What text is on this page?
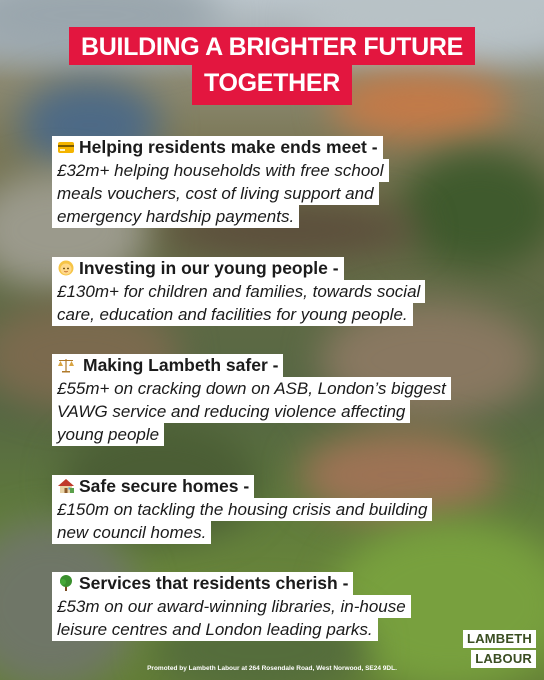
BUILDING A BRIGHTER FUTURE
TOGETHER
Helping residents make ends meet -
£32m+ helping households with free school
meals vouchers, cost of living support and
emergency hardship payments.
Investing in our young people -
£130m+ for children and families, towards social
care, education and facilities for young people.
Making Lambeth safer -
£55m+ on cracking down on ASB, London’s biggest
VAWG service and reducing violence affecting
young people
Safe secure homes -
£150m on tackling the housing crisis and building
new council homes.
Services that residents cherish -
£53m on our award-winning libraries, in-house
leisure centres and London leading parks.	LAMBETH
LABOUR
Promoted by Lambeth Labour at 264 Rosendale Road, West Norwood, SE24 9DL.
